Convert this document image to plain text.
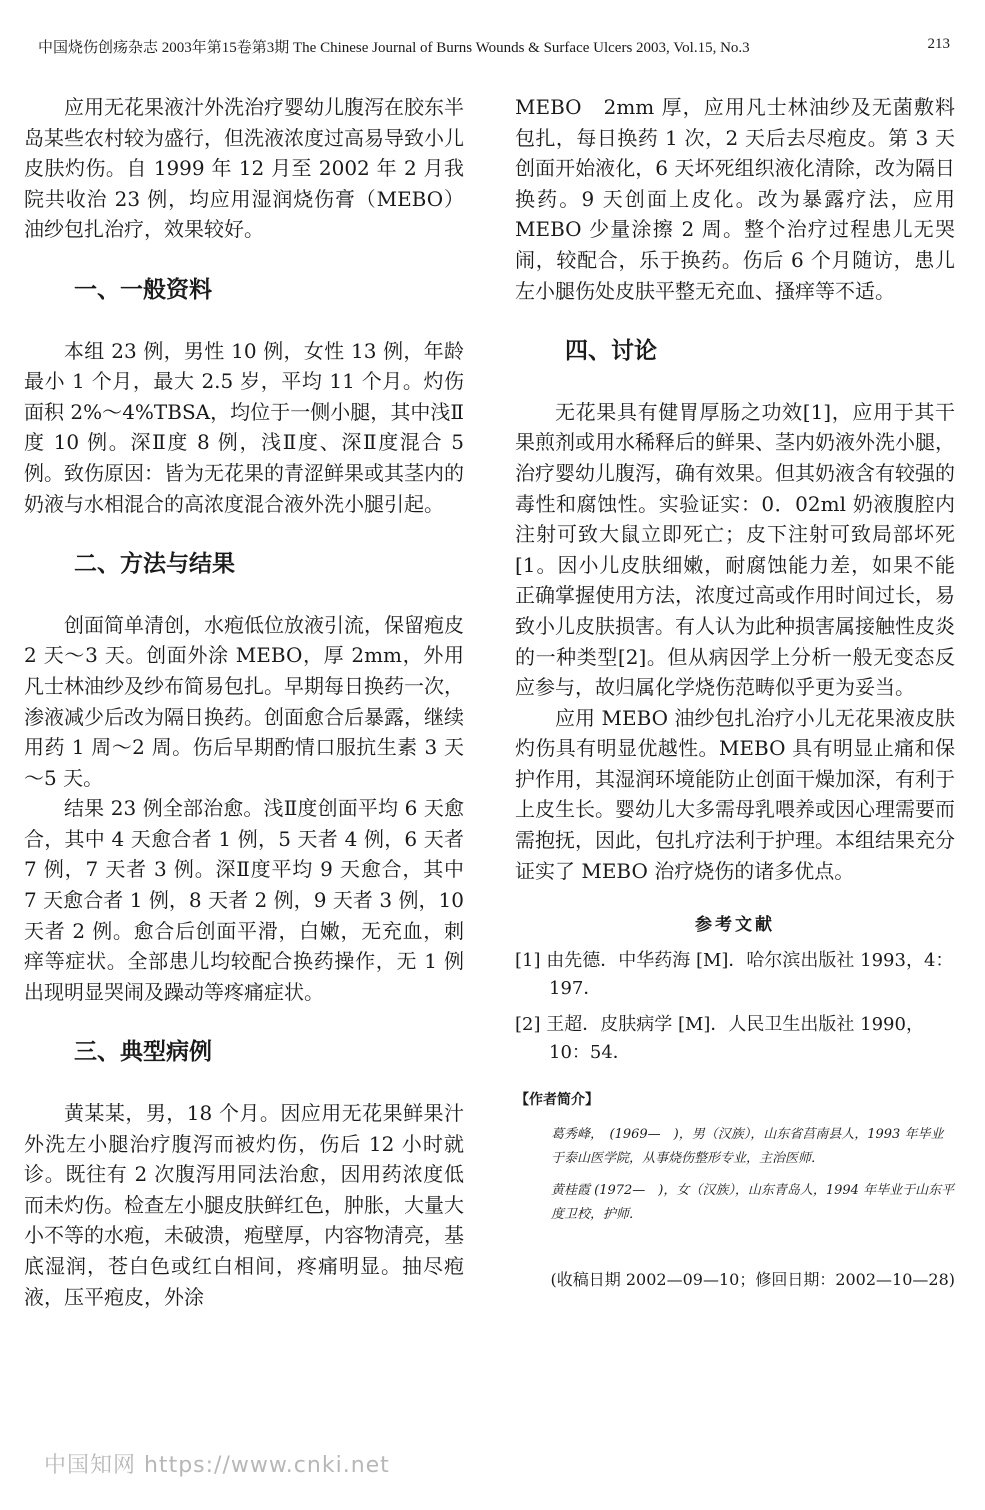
中国烧伤创疡杂志 2003年第15卷第3期 The Chinese Journal of Burns Wounds & Surface Ulcers 2003, Vol.15, No.3	213

应用无花果液汁外洗治疗婴幼儿腹泻在胶东半岛某些农村较为盛行，但洗液浓度过高易导致小儿皮肤灼伤。自 1999 年 12 月至 2002 年 2 月我院共收治 23 例，均应用湿润烧伤膏（MEBO）油纱包扎治疗，效果较好。

一、一般资料

本组 23 例，男性 10 例，女性 13 例，年龄最小 1 个月，最大 2.5 岁，平均 11 个月。灼伤面积 2%～4%TBSA，均位于一侧小腿，其中浅Ⅱ度 10 例。深Ⅱ度 8 例，浅Ⅱ度、深Ⅱ度混合 5 例。致伤原因：皆为无花果的青涩鲜果或其茎内的奶液与水相混合的高浓度混合液外洗小腿引起。

二、方法与结果

创面简单清创，水疱低位放液引流，保留疱皮 2 天～3 天。创面外涂 MEBO，厚 2mm，外用凡士林油纱及纱布简易包扎。早期每日换药一次，渗液减少后改为隔日换药。创面愈合后暴露，继续用药 1 周～2 周。伤后早期酌情口服抗生素 3 天～5 天。

结果 23 例全部治愈。浅Ⅱ度创面平均 6 天愈合，其中 4 天愈合者 1 例，5 天者 4 例，6 天者 7 例，7 天者 3 例。深Ⅱ度平均 9 天愈合，其中 7 天愈合者 1 例，8 天者 2 例，9 天者 3 例，10 天者 2 例。愈合后创面平滑，白嫩，无充血，刺痒等症状。全部患儿均较配合换药操作，无 1 例出现明显哭闹及躁动等疼痛症状。

三、典型病例

黄某某，男，18 个月。因应用无花果鲜果汁外洗左小腿治疗腹泻而被灼伤，伤后 12 小时就诊。既往有 2 次腹泻用同法治愈，因用药浓度低而未灼伤。检查左小腿皮肤鲜红色，肿胀，大量大小不等的水疱，未破溃，疱壁厚，内容物清亮，基底湿润，苍白色或红白相间，疼痛明显。抽尽疱液，压平疱皮，外涂

MEBO　2mm 厚，应用凡士林油纱及无菌敷料包扎，每日换药 1 次，2 天后去尽疱皮。第 3 天创面开始液化，6 天坏死组织液化清除，改为隔日换药。9 天创面上皮化。改为暴露疗法，应用 MEBO 少量涂擦 2 周。整个治疗过程患儿无哭闹，较配合，乐于换药。伤后 6 个月随访，患儿左小腿伤处皮肤平整无充血、搔痒等不适。

四、讨论

无花果具有健胃厚肠之功效[1]，应用于其干果煎剂或用水稀释后的鲜果、茎内奶液外洗小腿，治疗婴幼儿腹泻，确有效果。但其奶液含有较强的毒性和腐蚀性。实验证实：0．02ml 奶液腹腔内注射可致大鼠立即死亡；皮下注射可致局部坏死[1。因小儿皮肤细嫩，耐腐蚀能力差，如果不能正确掌握使用方法，浓度过高或作用时间过长，易致小儿皮肤损害。有人认为此种损害属接触性皮炎的一种类型[2]。但从病因学上分析一般无变态反应参与，故归属化学烧伤范畴似乎更为妥当。

应用 MEBO 油纱包扎治疗小儿无花果液皮肤灼伤具有明显优越性。MEBO 具有明显止痛和保护作用，其湿润环境能防止创面干燥加深，有利于上皮生长。婴幼儿大多需母乳喂养或因心理需要而需抱抚，因此，包扎疗法利于护理。本组结果充分证实了 MEBO 治疗烧伤的诸多优点。

参考文献
[1] 由先德．中华药海 [M]．哈尔滨出版社 1993，4：197．
[2] 王超．皮肤病学 [M]．人民卫生出版社 1990，10：54．
【作者简介】
葛秀峰，　(1969—　)，男（汉族），山东省莒南县人，1993 年毕业于泰山医学院，从事烧伤整形专业，主治医师．
黄桂霞 (1972—　)，女（汉族），山东青岛人，1994 年毕业于山东平度卫校，护师．
(收稿日期 2002—09—10；修回日期：2002—10—28)
中国知网 https://www.cnki.net
